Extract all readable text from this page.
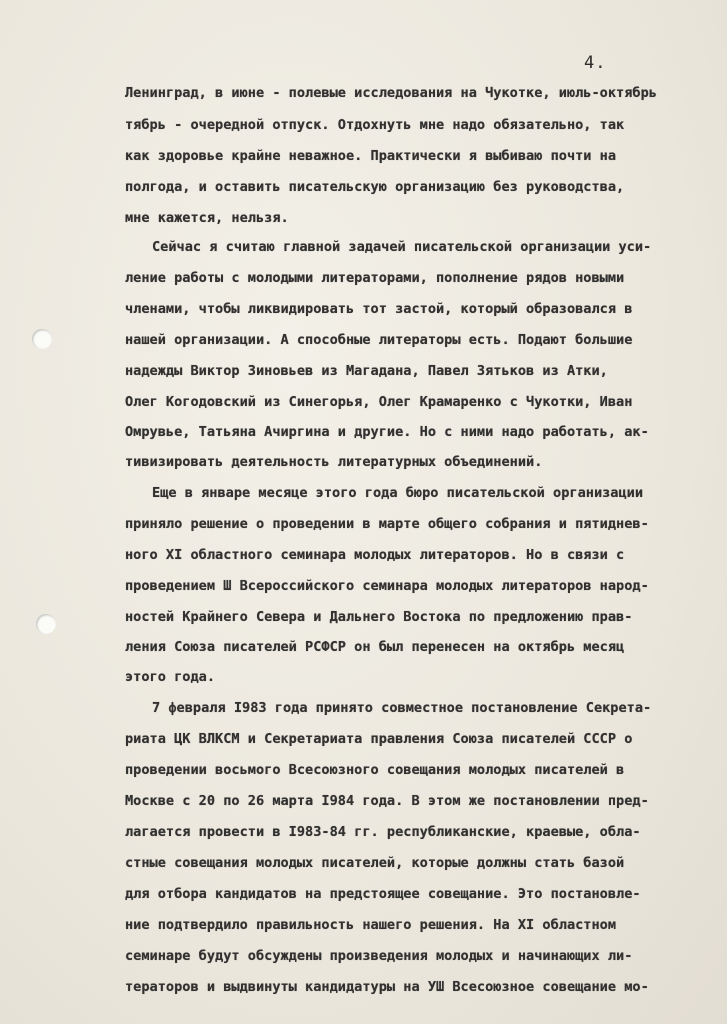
4.
Ленинград, в июне - полевые исследования на Чукотке, июль-октябрь
тябрь - очередной отпуск. Отдохнуть мне надо обязательно, так
как здоровье крайне неважное. Практически я выбиваю почти на
полгода, и оставить писательскую организацию без руководства,
мне кажется, нельзя.
Сейчас я считаю главной задачей писательской организации уси-
ление работы с молодыми литераторами, пополнение рядов новыми
членами, чтобы ликвидировать тот застой, который образовался в
нашей организации. А способные литераторы есть. Подают большие
надежды Виктор Зиновьев из Магадана, Павел Зятьков из Атки,
Олег Когодовский из Синегорья, Олег Крамаренко с Чукотки, Иван
Омрувье, Татьяна Ачиргина и другие. Но с ними надо работать, ак-
тивизировать деятельность литературных объединений.
Еще в январе месяце этого года бюро писательской организации
приняло решение о проведении в марте общего собрания и пятиднев-
ного XI областного семинара молодых литераторов. Но в связи с
проведением Ш Всероссийского семинара молодых литераторов народ-
ностей Крайнего Севера и Дальнего Востока по предложению прав-
ления Союза писателей РСФСР он был перенесен на октябрь месяц
этого года.
7 февраля I983 года принято совместное постановление Секрета-
риата ЦК ВЛКСМ и Секретариата правления Союза писателей СССР о
проведении восьмого Всесоюзного совещания молодых писателей в
Москве с 20 по 26 марта I984 года. В этом же постановлении пред-
лагается провести в I983-84 гг. республиканские, краевые, обла-
стные совещания молодых писателей, которые должны стать базой
для отбора кандидатов на предстоящее совещание. Это постановле-
ние подтвердило правильность нашего решения. На XI областном
семинаре будут обсуждены произведения молодых и начинающих ли-
тераторов и выдвинуты кандидатуры на УШ Всесоюзное совещание мо-
